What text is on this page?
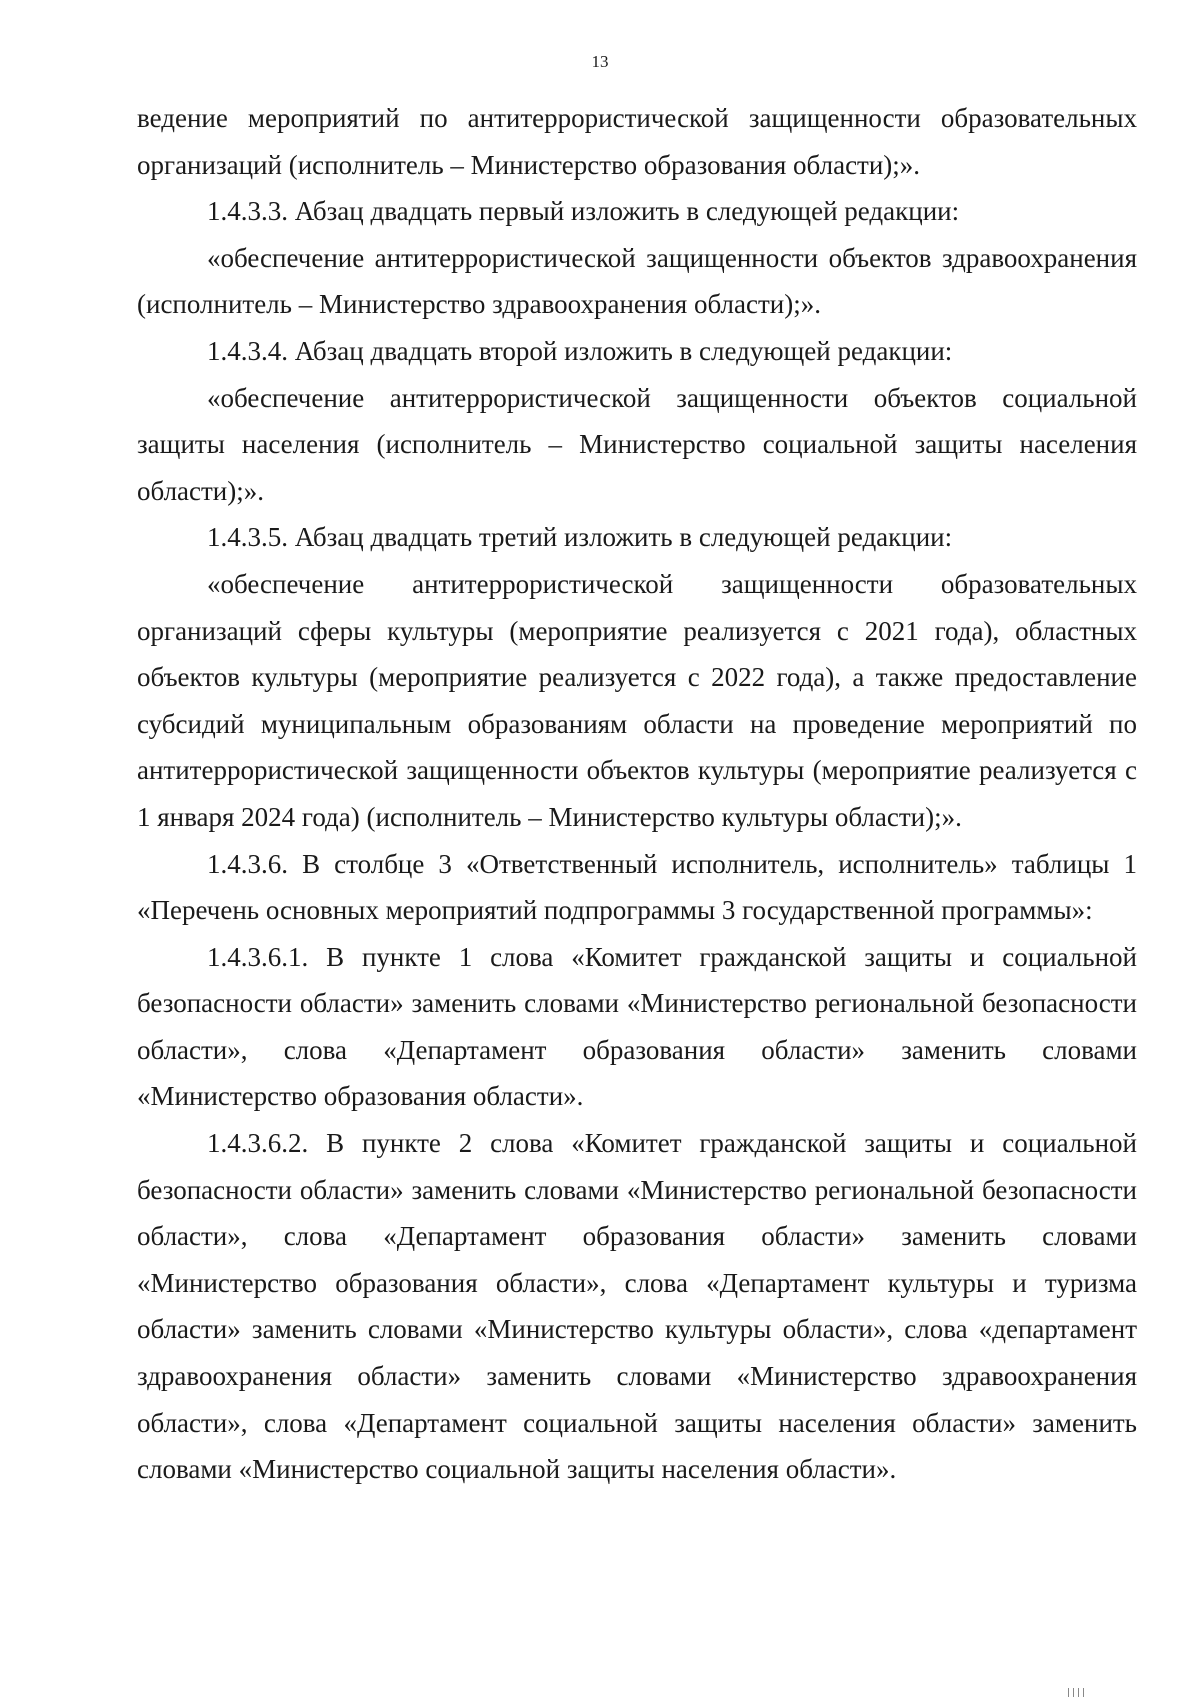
13

ведение мероприятий по антитеррористической защищенности образовательных организаций (исполнитель – Министерство образования области);».

1.4.3.3. Абзац двадцать первый изложить в следующей редакции:

«обеспечение антитеррористической защищенности объектов здравоохранения (исполнитель – Министерство здравоохранения области);».

1.4.3.4. Абзац двадцать второй изложить в следующей редакции:

«обеспечение антитеррористической защищенности объектов социальной защиты населения (исполнитель – Министерство социальной защиты населения области);».

1.4.3.5. Абзац двадцать третий изложить в следующей редакции:

«обеспечение антитеррористической защищенности образовательных организаций сферы культуры (мероприятие реализуется с 2021 года), областных объектов культуры (мероприятие реализуется с 2022 года), а также предоставление субсидий муниципальным образованиям области на проведение мероприятий по антитеррористической защищенности объектов культуры (мероприятие реализуется с 1 января 2024 года) (исполнитель – Министерство культуры области);».

1.4.3.6. В столбце 3 «Ответственный исполнитель, исполнитель» таблицы 1 «Перечень основных мероприятий подпрограммы 3 государственной программы»:

1.4.3.6.1. В пункте 1 слова «Комитет гражданской защиты и социальной безопасности области» заменить словами «Министерство региональной безопасности области», слова «Департамент образования области» заменить словами «Министерство образования области».

1.4.3.6.2. В пункте 2 слова «Комитет гражданской защиты и социальной безопасности области» заменить словами «Министерство региональной безопасности области», слова «Департамент образования области» заменить словами «Министерство образования области», слова «Департамент культуры и туризма области» заменить словами «Министерство культуры области», слова «департамент здравоохранения области» заменить словами «Министерство здравоохранения области», слова «Департамент социальной защиты населения области» заменить словами «Министерство социальной защиты населения области».
